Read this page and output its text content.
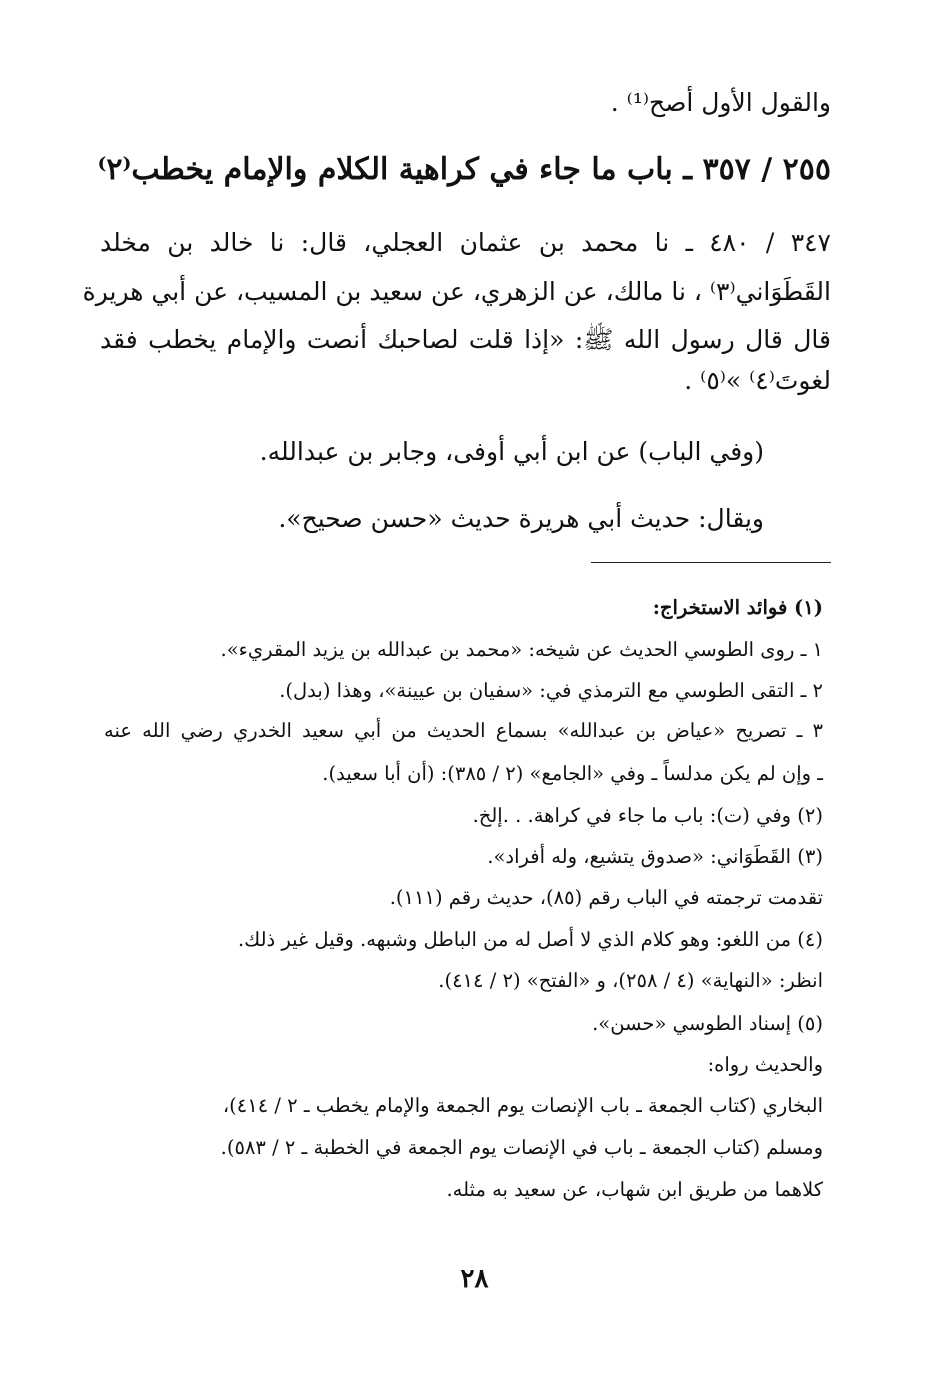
والقول الأول أصح⁽¹⁾ .
٢٥٥ / ٣٥٧ ـ باب ما جاء في كراهية الكلام والإمام يخطب⁽٢⁾
٣٤٧ / ٤٨٠ ـ نا محمد بن عثمان العجلي، قال: نا خالد بن مخلد
القَطَوَاني⁽٣⁾ ، نا مالك، عن الزهري، عن سعيد بن المسيب، عن أبي هريرة
قال قال رسول الله ﷺ: «إذا قلت لصاحبك أنصت والإمام يخطب فقد
لغوتَ⁽٤⁾ »⁽٥⁾ .
(وفي الباب) عن ابن أبي أوفى، وجابر بن عبدالله.
ويقال: حديث أبي هريرة حديث «حسن صحيح».
(١) فوائد الاستخراج:
١ ـ روى الطوسي الحديث عن شيخه: «محمد بن عبدالله بن يزيد المقريء».
٢ ـ التقى الطوسي مع الترمذي في: «سفيان بن عيينة»، وهذا (بدل).
٣ ـ تصريح «عياض بن عبدالله» بسماع الحديث من أبي سعيد الخدري رضي الله عنه
ـ وإن لم يكن مدلساً ـ وفي «الجامع» (٢ / ٣٨٥): (أن أبا سعيد).
(٢) وفي (ت): باب ما جاء في كراهة. . .إلخ.
(٣) القَطَوَاني: «صدوق يتشيع، وله أفراد».
تقدمت ترجمته في الباب رقم (٨٥)، حديث رقم (١١١).
(٤) من اللغو: وهو كلام الذي لا أصل له من الباطل وشبهه. وقيل غير ذلك.
انظر: «النهاية» (٤ / ٢٥٨)، و «الفتح» (٢ / ٤١٤).
(٥) إسناد الطوسي «حسن».
والحديث رواه:
البخاري (كتاب الجمعة ـ باب الإنصات يوم الجمعة والإمام يخطب ـ ٢ / ٤١٤)،
ومسلم (كتاب الجمعة ـ باب في الإنصات يوم الجمعة في الخطبة ـ ٢ / ٥٨٣).
كلاهما من طريق ابن شهاب، عن سعيد به مثله.
٢٨
